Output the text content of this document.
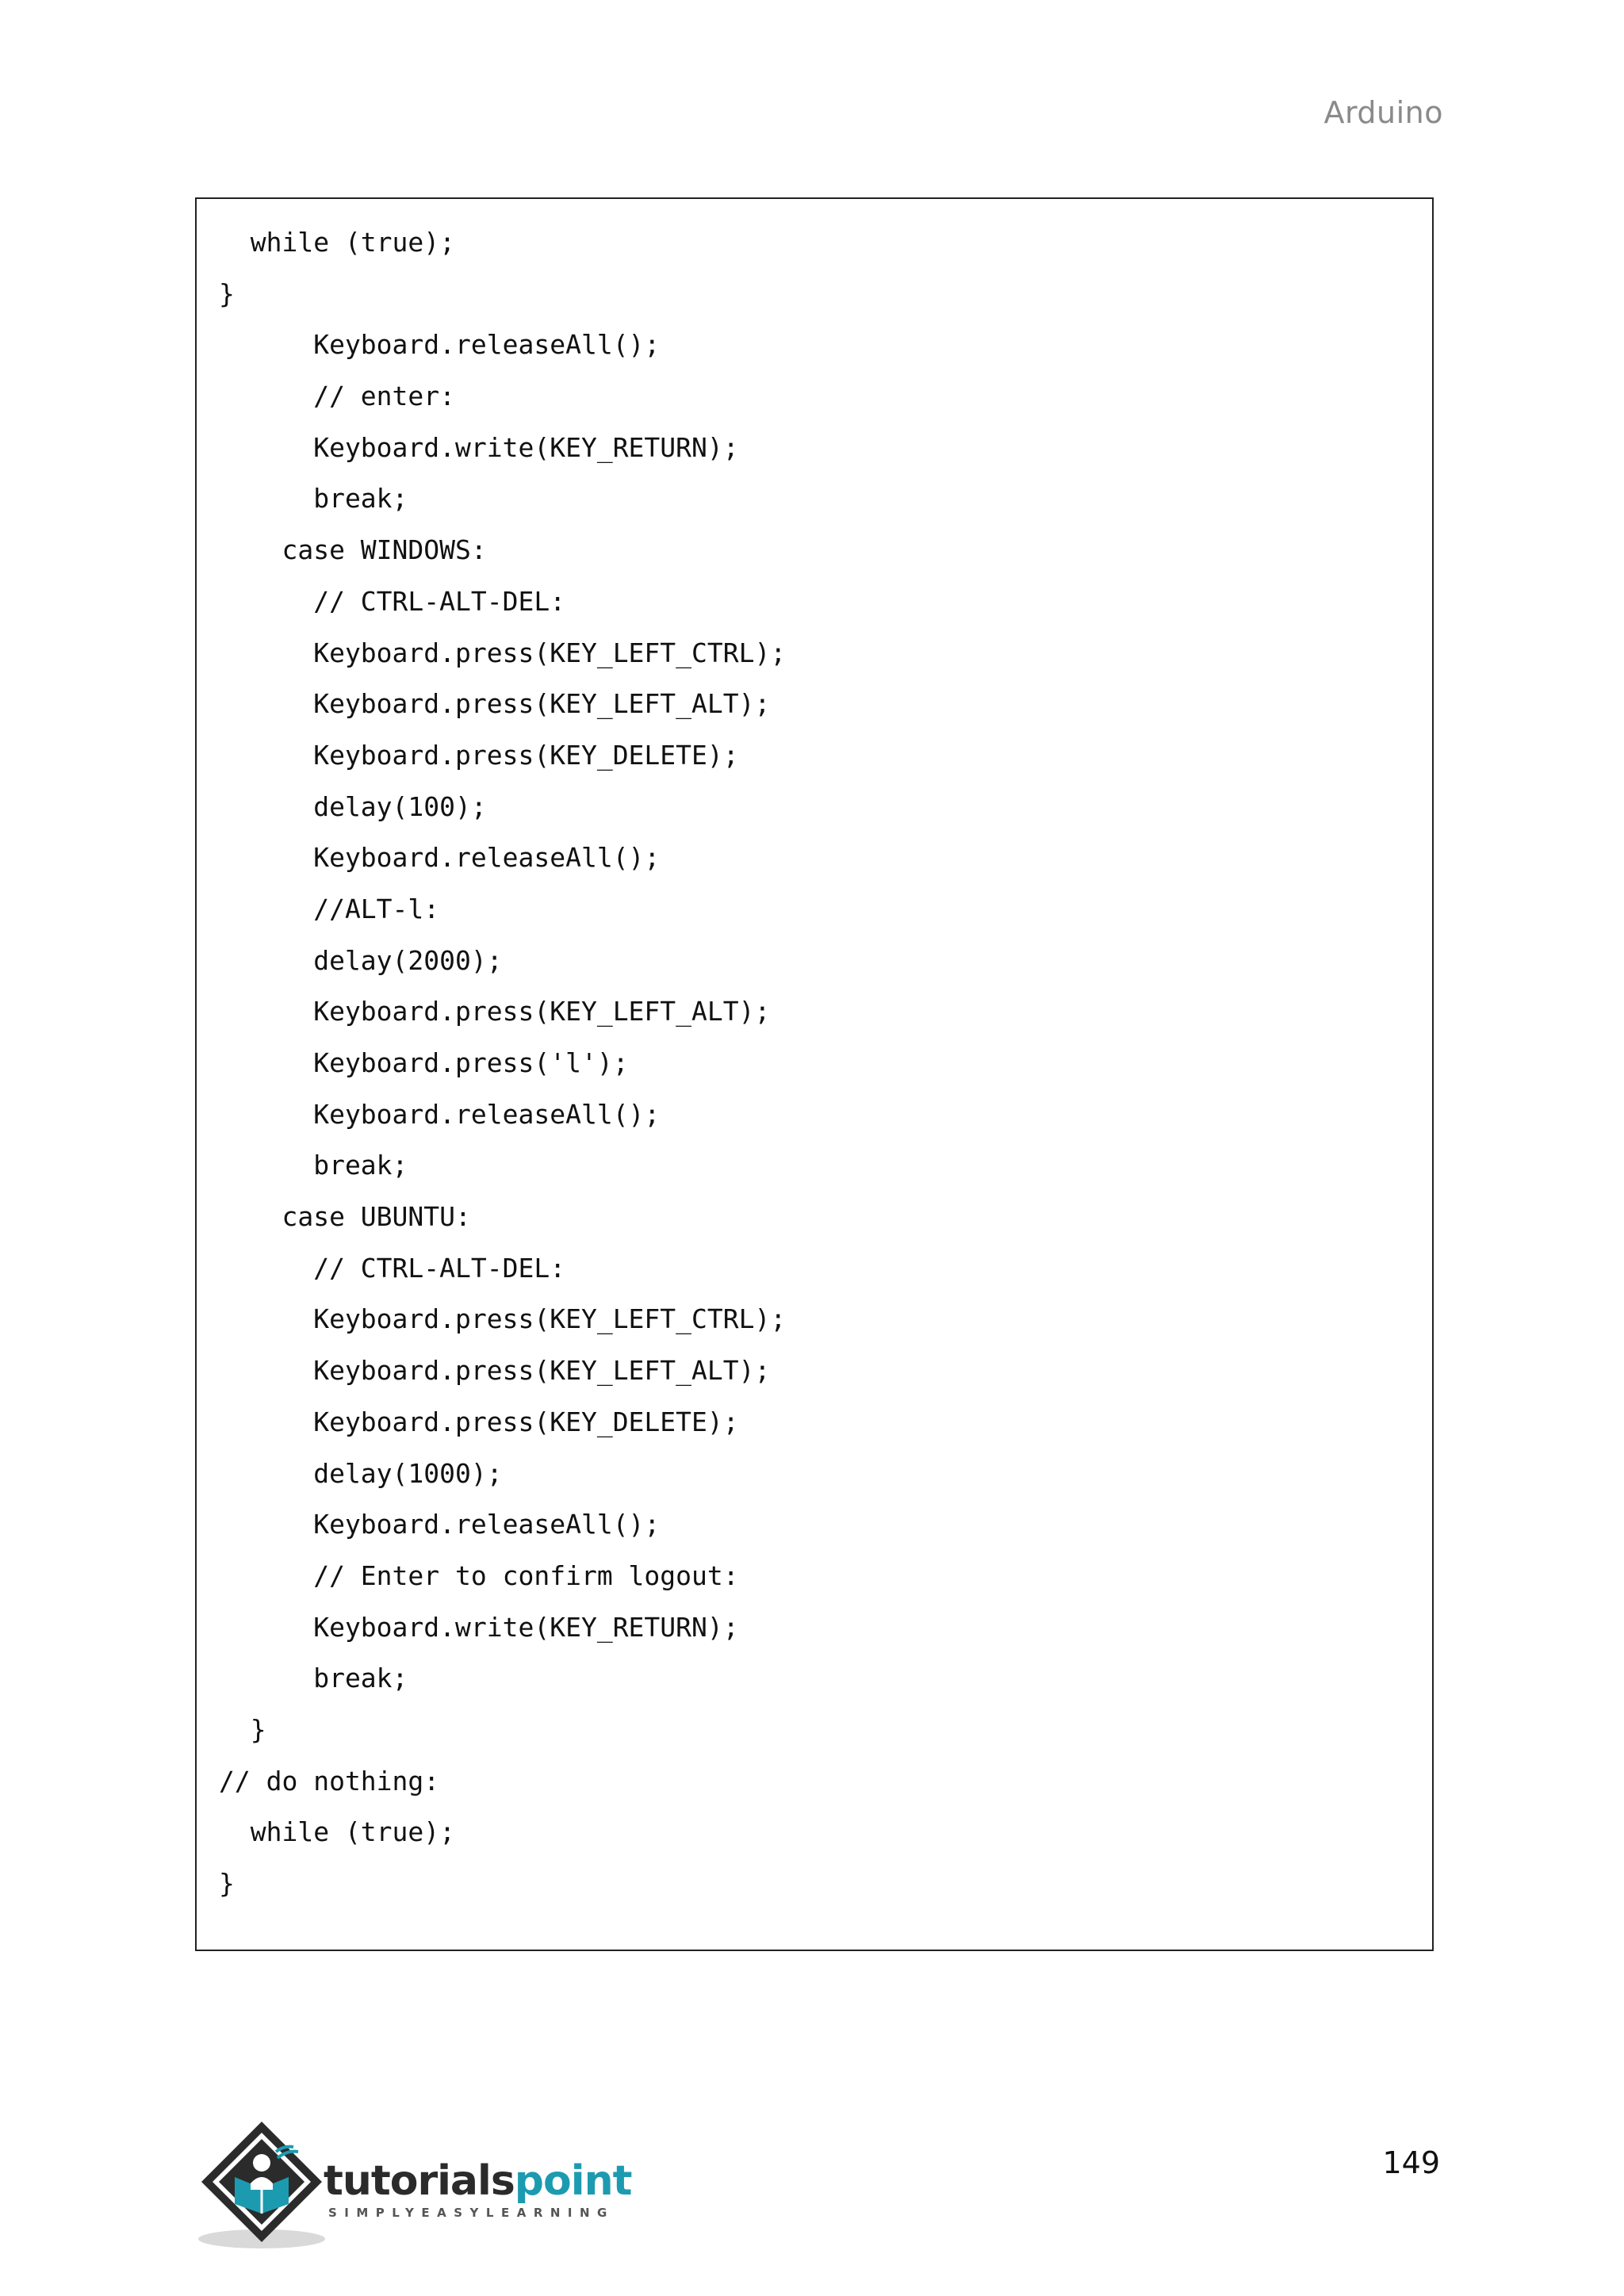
Arduino
while (true);
}
Keyboard.releaseAll();
// enter:
Keyboard.write(KEY_RETURN);
break;
case WINDOWS:
// CTRL-ALT-DEL:
Keyboard.press(KEY_LEFT_CTRL);
Keyboard.press(KEY_LEFT_ALT);
Keyboard.press(KEY_DELETE);
delay(100);
Keyboard.releaseAll();
//ALT-l:
delay(2000);
Keyboard.press(KEY_LEFT_ALT);
Keyboard.press('l');
Keyboard.releaseAll();
break;
case UBUNTU:
// CTRL-ALT-DEL:
Keyboard.press(KEY_LEFT_CTRL);
Keyboard.press(KEY_LEFT_ALT);
Keyboard.press(KEY_DELETE);
delay(1000);
Keyboard.releaseAll();
// Enter to confirm logout:
Keyboard.write(KEY_RETURN);
break;
}
// do nothing:
while (true);
}
tutorialspoint
SIMPLYEASYLEARNING
149
